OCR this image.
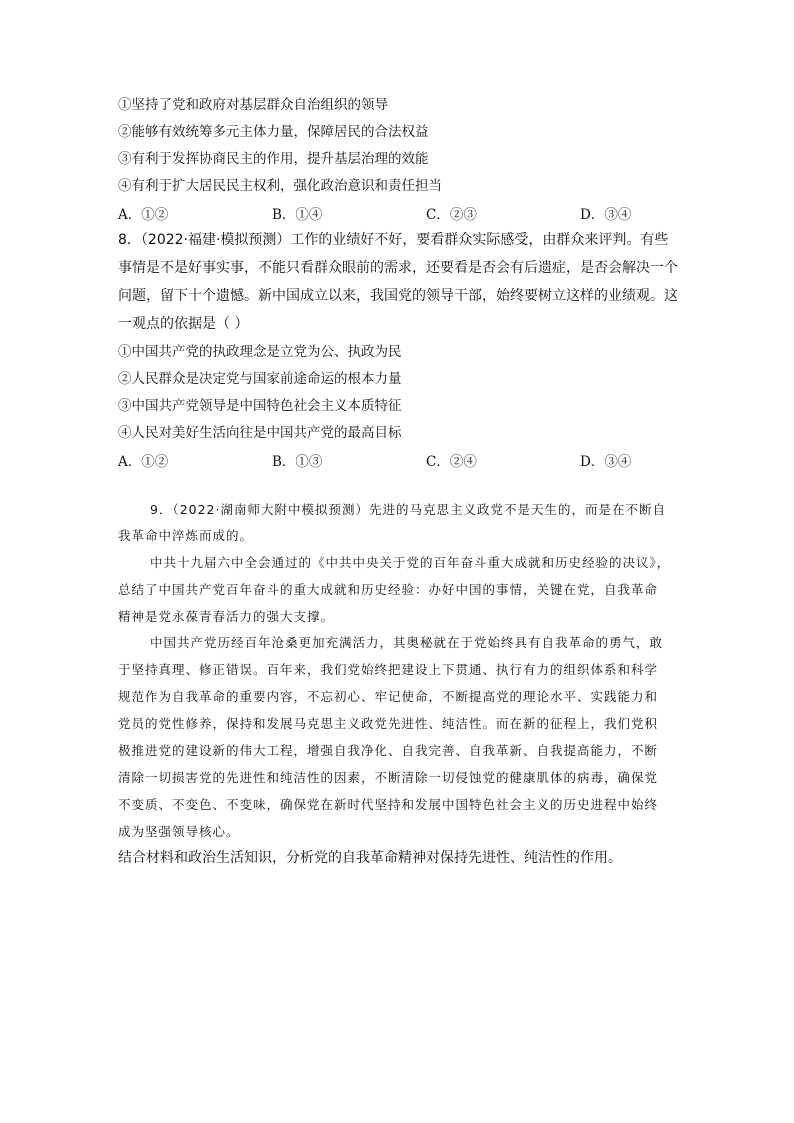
①坚持了党和政府对基层群众自治组织的领导
②能够有效统筹多元主体力量，保障居民的合法权益
③有利于发挥协商民主的作用，提升基层治理的效能
④有利于扩大居民民主权利，强化政治意识和责任担当
A．①②	B．①④	C．②③	D．③④
8．（2022·福建·模拟预测）工作的业绩好不好，要看群众实际感受，由群众来评判。有些
事情是不是好事实事，不能只看群众眼前的需求，还要看是否会有后遗症，是否会解决一个
问题，留下十个遗憾。新中国成立以来，我国党的领导干部，始终要树立这样的业绩观。这
一观点的依据是（ ）
①中国共产党的执政理念是立党为公、执政为民
②人民群众是决定党与国家前途命运的根本力量
③中国共产党领导是中国特色社会主义本质特征
④人民对美好生活向往是中国共产党的最高目标
A．①②	B．①③	C．②④	D．③④
9．（2022·湖南师大附中模拟预测）先进的马克思主义政党不是天生的，而是在不断自
我革命中淬炼而成的。
中共十九届六中全会通过的《中共中央关于党的百年奋斗重大成就和历史经验的决议》，
总结了中国共产党百年奋斗的重大成就和历史经验：办好中国的事情，关键在党，自我革命
精神是党永葆青春活力的强大支撑。
中国共产党历经百年沧桑更加充满活力，其奥秘就在于党始终具有自我革命的勇气，敢
于坚持真理、修正错误。百年来，我们党始终把建设上下贯通、执行有力的组织体系和科学
规范作为自我革命的重要内容，不忘初心、牢记使命，不断提高党的理论水平、实践能力和
党员的党性修养，保持和发展马克思主义政党先进性、纯洁性。而在新的征程上，我们党积
极推进党的建设新的伟大工程，增强自我净化、自我完善、自我革新、自我提高能力，不断
清除一切损害党的先进性和纯洁性的因素，不断清除一切侵蚀党的健康肌体的病毒，确保党
不变质、不变色、不变味，确保党在新时代坚持和发展中国特色社会主义的历史进程中始终
成为坚强领导核心。
结合材料和政治生活知识，分析党的自我革命精神对保持先进性、纯洁性的作用。
